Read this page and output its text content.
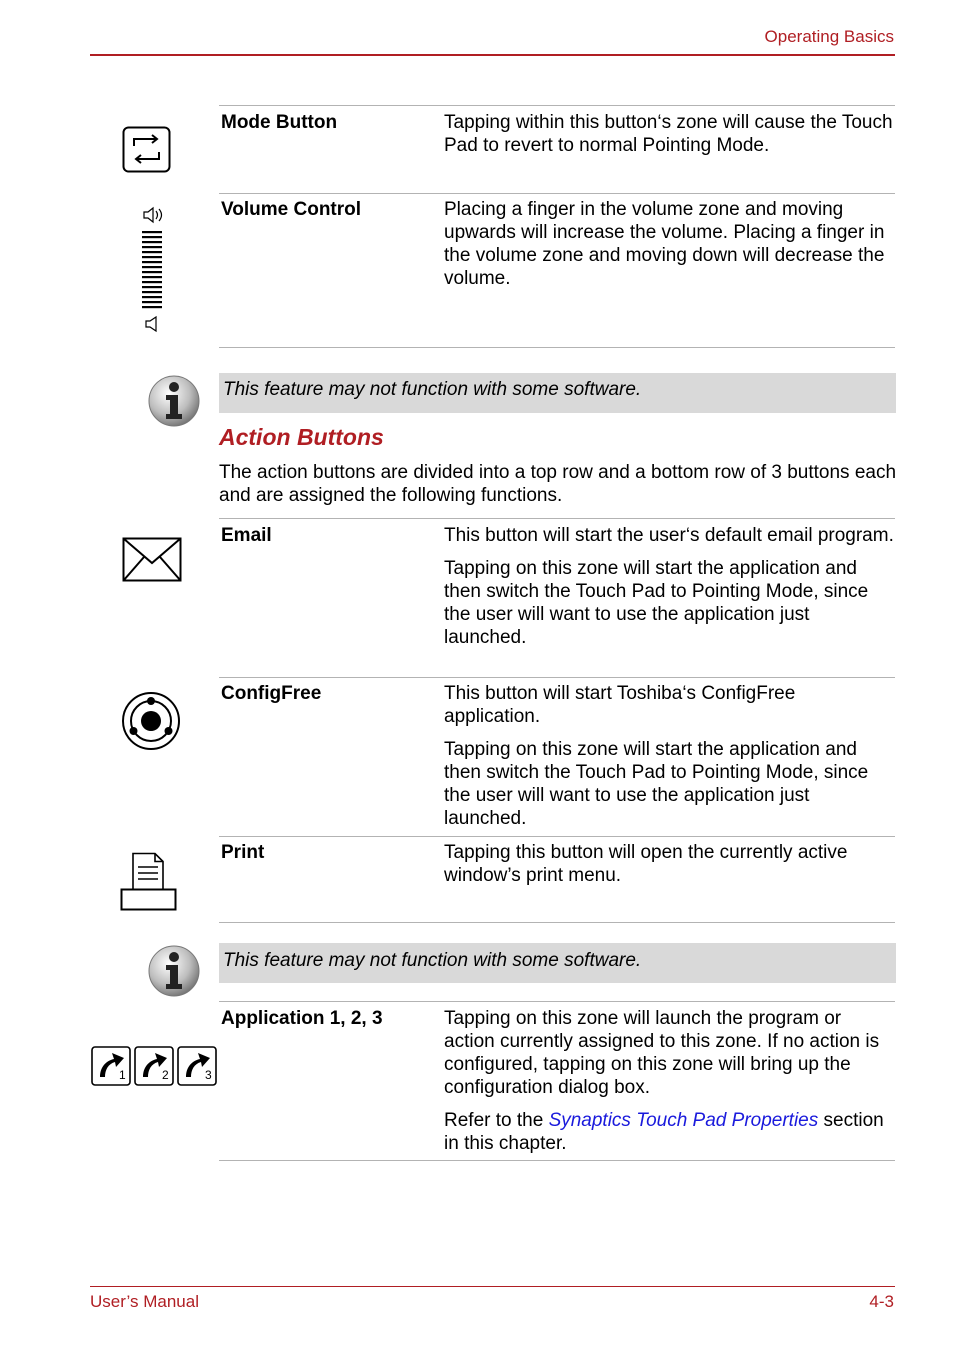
Operating Basics
Mode Button	Tapping within this button‘s zone will cause the Touch Pad to revert to normal Pointing Mode.

Volume Control	Placing a finger in the volume zone and moving upwards will increase the volume. Placing a finger in the volume zone and moving down will decrease the volume.

This feature may not function with some software.
Action Buttons
The action buttons are divided into a top row and a bottom row of 3 buttons each and are assigned the following functions.
Email	This button will start the user‘s default email program.

Tapping on this zone will start the application and then switch the Touch Pad to Pointing Mode, since the user will want to use the application just launched.

ConfigFree	This button will start Toshiba‘s ConfigFree application.

Tapping on this zone will start the application and then switch the Touch Pad to Pointing Mode, since the user will want to use the application just launched.

Print	Tapping this button will open the currently active window’s print menu.

This feature may not function with some software.
1	2	3
Application 1, 2, 3	Tapping on this zone will launch the program or action currently assigned to this zone. If no action is configured, tapping on this zone will bring up the configuration dialog box.

Refer to the Synaptics Touch Pad Properties section in this chapter.

User’s Manual	4-3
